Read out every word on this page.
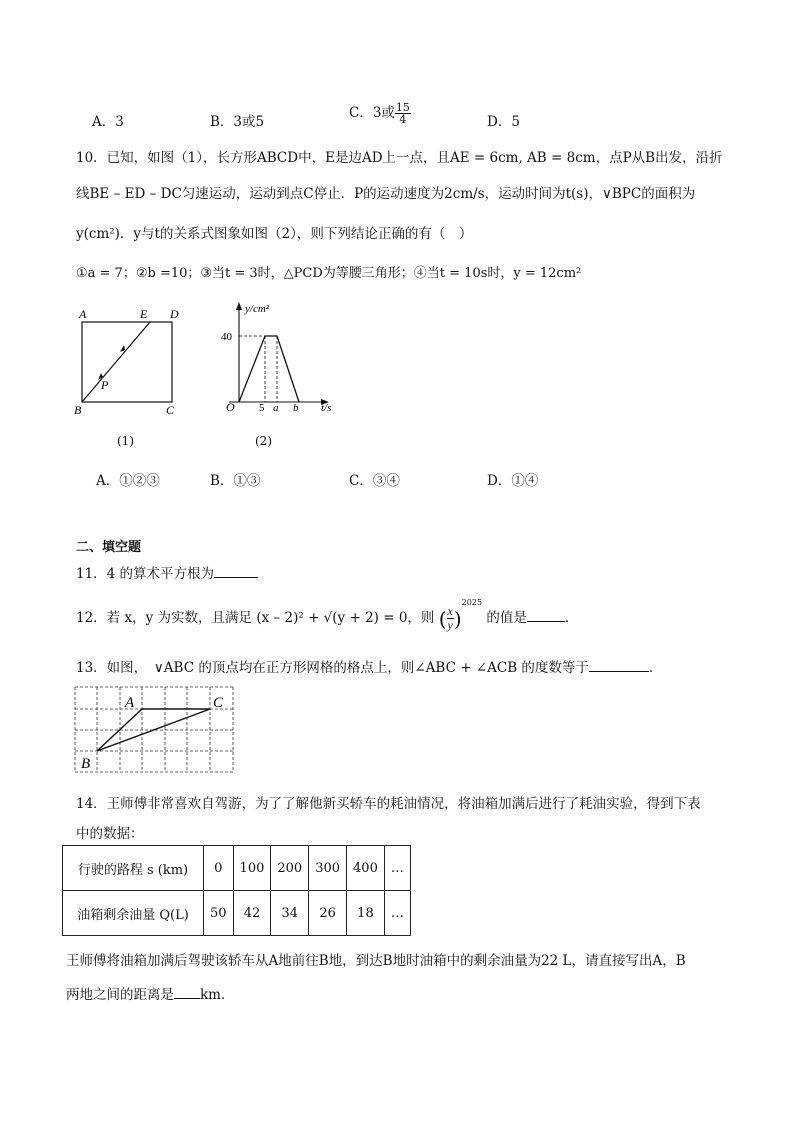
A．3	B．3或5
C．3或 $\frac{15}{4}$	D．5
10．已知，如图（1），长方形ABCD中，E是边AD上一点，且AE = 6cm, AB = 8cm，点P从B出发，沿折
线BE – ED – DC匀速运动，运动到点C停止．P的运动速度为2cm/s，运动时间为t(s)，∨BPC的面积为
y(cm²)．y与t的关系式图象如图（2），则下列结论正确的有（　）
①a = 7；②b =10；③当t = 3时，△PCD为等腰三角形；④当t = 10s时，y = 12cm²
A	E D
B	C
P
(1)
y/cm²
40
O 5 a b t/s
(2)
A．①②③	B．①③	C．③④	D．①④
二、填空题
11．4 的算术平方根为
12．若 x，y 为实数，且满足 (x – 2)² + √(y + 2) = 0，则 ( $\frac{x}{y} )^{2025}$ 的值是	．
13．如图，　∨ABC 的顶点均在正方形网格的格点上，则∠ABC + ∠ACB 的度数等于	．
A	C
B
14．王师傅非常喜欢自驾游，为了了解他新买轿车的耗油情况，将油箱加满后进行了耗油实验，得到下表
中的数据：
行驶的路程 s (km)	0	100	200	300	400	…
油箱剩余油量 Q(L)	50	42	34	26	18	…
王师傅将油箱加满后驾驶该轿车从A地前往B地，到达B地时油箱中的剩余油量为22 L，请直接写出A，B
两地之间的距离是 km．
